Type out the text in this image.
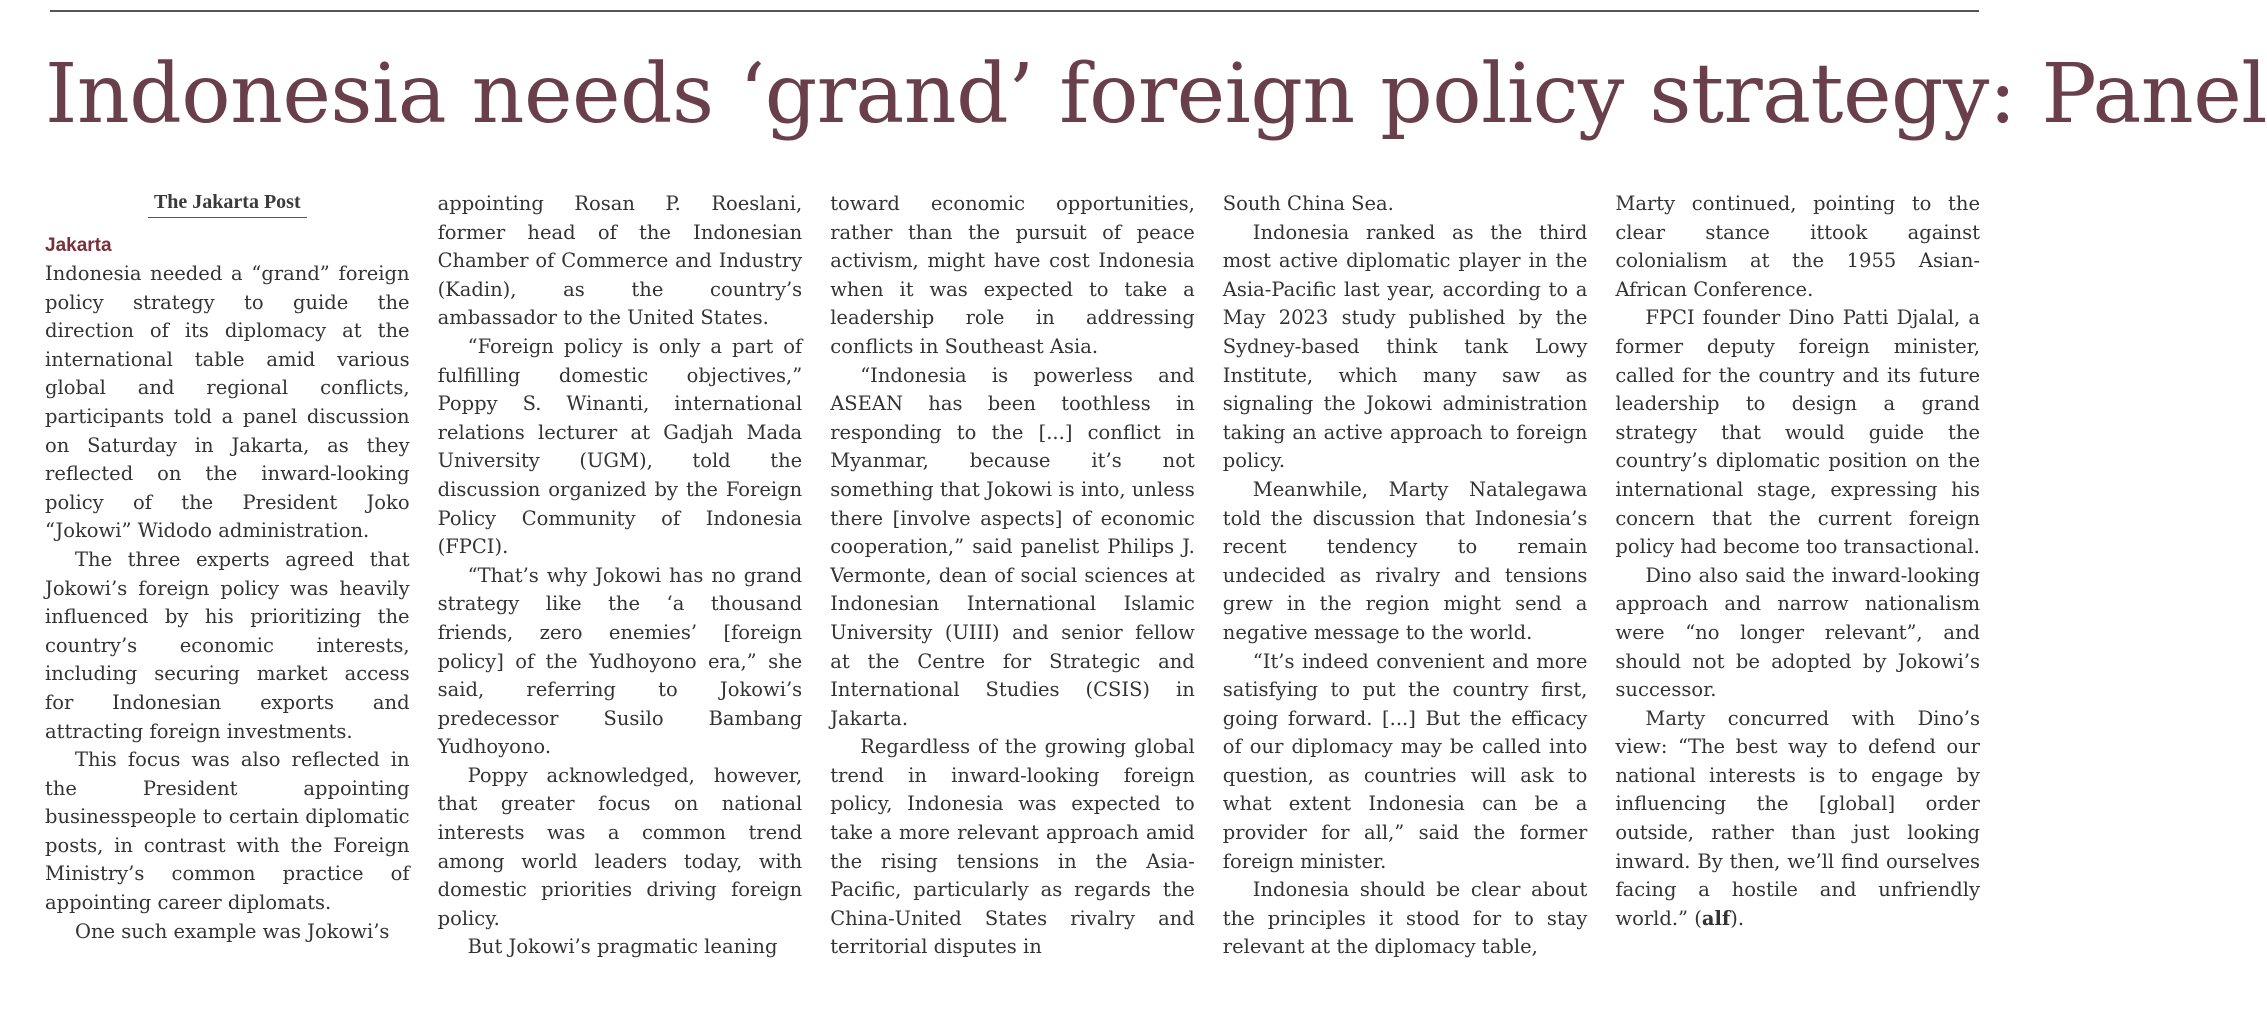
Indonesia needs ‘grand’ foreign policy strategy: Panel
The Jakarta Post
Jakarta

Indonesia needed a “grand” foreign policy strategy to guide the direction of its diplomacy at the international table amid various global and regional conflicts, participants told a panel discussion on Saturday in Jakarta, as they reflected on the inward-looking policy of the President Joko “Jokowi” Widodo administration.

The three experts agreed that Jokowi’s foreign policy was heavily influenced by his prioritizing the country’s economic interests, including securing market access for Indonesian exports and attracting foreign investments.

This focus was also reflected in the President appointing businesspeople to certain diplomatic posts, in contrast with the Foreign Ministry’s common practice of appointing career diplomats.

One such example was Jokowi’s

appointing Rosan P. Roeslani, former head of the Indonesian Chamber of Commerce and Industry (Kadin), as the country’s ambassador to the United States.

“Foreign policy is only a part of fulfilling domestic objectives,” Poppy S. Winanti, international relations lecturer at Gadjah Mada University (UGM), told the discussion organized by the Foreign Policy Community of Indonesia (FPCI).

“That’s why Jokowi has no grand strategy like the ‘a thousand friends, zero enemies’ [foreign policy] of the Yudhoyono era,” she said, referring to Jokowi’s predecessor Susilo Bambang Yudhoyono.

Poppy acknowledged, however, that greater focus on national interests was a common trend among world leaders today, with domestic priorities driving foreign policy.

But Jokowi’s pragmatic leaning

toward economic opportunities, rather than the pursuit of peace activism, might have cost Indonesia when it was expected to take a leadership role in addressing conflicts in Southeast Asia.

“Indonesia is powerless and ASEAN has been toothless in responding to the [...] conflict in Myanmar, because it’s not something that Jokowi is into, unless there [involve aspects] of economic cooperation,” said panelist Philips J. Vermonte, dean of social sciences at Indonesian International Islamic University (UIII) and senior fellow at the Centre for Strategic and International Studies (CSIS) in Jakarta.

Regardless of the growing global trend in inward-looking foreign policy, Indonesia was expected to take a more relevant approach amid the rising tensions in the Asia-Pacific, particularly as regards the China-United States rivalry and territorial disputes in

South China Sea.

Indonesia ranked as the third most active diplomatic player in the Asia-Pacific last year, according to a May 2023 study published by the Sydney-based think tank Lowy Institute, which many saw as signaling the Jokowi administration taking an active approach to foreign policy.

Meanwhile, Marty Natalegawa told the discussion that Indonesia’s recent tendency to remain undecided as rivalry and tensions grew in the region might send a negative message to the world.

“It’s indeed convenient and more satisfying to put the country first, going forward. [...] But the efficacy of our diplomacy may be called into question, as countries will ask to what extent Indonesia can be a provider for all,” said the former foreign minister.

Indonesia should be clear about the principles it stood for to stay relevant at the diplomacy table,

Marty continued, pointing to the clear stance ittook against colonialism at the 1955 Asian-African Conference.

FPCI founder Dino Patti Djalal, a former deputy foreign minister, called for the country and its future leadership to design a grand strategy that would guide the country’s diplomatic position on the international stage, expressing his concern that the current foreign policy had become too transactional.

Dino also said the inward-looking approach and narrow nationalism were “no longer relevant”, and should not be adopted by Jokowi’s successor.

Marty concurred with Dino’s view: “The best way to defend our national interests is to engage by influencing the [global] order outside, rather than just looking inward. By then, we’ll find ourselves facing a hostile and unfriendly world.” (alf).
